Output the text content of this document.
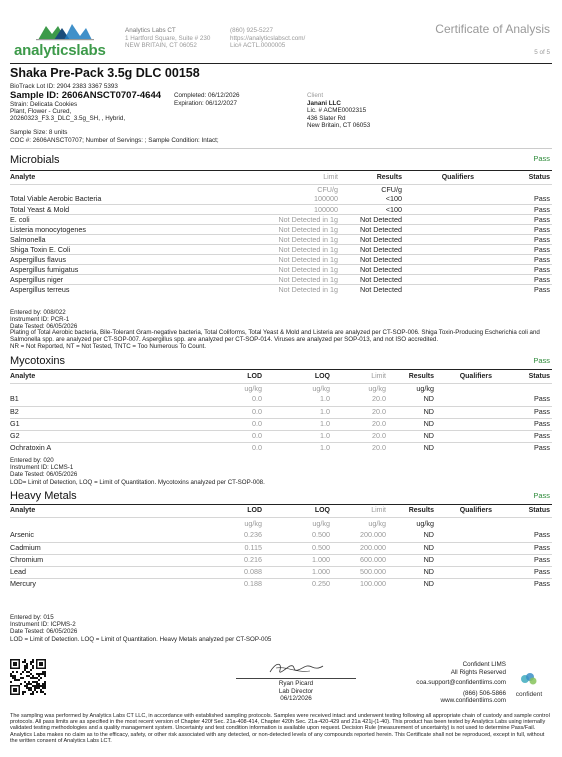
analyticslabs
Analytics Labs CT
1 Hartford Square, Suite # 230
NEW BRITAIN, CT 06052
(860) 925-5227
https://analyticslabsct.com/
Lic# ACTL.0000005
Certificate of Analysis
5 of 5
Shaka Pre-Pack 3.5g DLC 00158
BioTrack Lot ID: 2904 2383 3367 5393
Sample ID: 2606ANSCT0707-4644 Completed: 06/12/2026
Expiration: 06/12/2027
Strain: Delicata Cookies
Plant, Flower - Cured,
20260323_F3.3_DLC_3.5g_SH, , Hybrid,
Sample Size: 8 units
COC #: 2606ANSCT0707; Number of Servings: ; Sample Condition: Intact;
Client
Janani LLC
Lic. # ACME0002315
436 Slater Rd
New Britain, CT 06053
Microbials	Pass
Analyte	Limit	Results	Qualifiers	Status
CFU/g	CFU/g
Total Viable Aerobic Bacteria	100000	<100	Pass
Total Yeast & Mold	100000	<100	Pass
E. coli	Not Detected in 1g	Not Detected	Pass
Listeria monocytogenes	Not Detected in 1g	Not Detected	Pass
Salmonella	Not Detected in 1g	Not Detected	Pass
Shiga Toxin E. Coli	Not Detected in 1g	Not Detected	Pass
Aspergillus flavus	Not Detected in 1g	Not Detected	Pass
Aspergillus fumigatus	Not Detected in 1g	Not Detected	Pass
Aspergillus niger	Not Detected in 1g	Not Detected	Pass
Aspergillus terreus	Not Detected in 1g	Not Detected	Pass
Entered by: 008/022
Instrument ID: PCR-1
Date Tested: 06/05/2026
Plating of Total Aerobic bacteria, Bile-Tolerant Gram-negative bacteria, Total Coliforms, Total Yeast & Mold and Listeria are analyzed per CT-SOP-006. Shiga Toxin-Producing Escherichia coli and Salmonella spp. are analyzed per CT-SOP-007. Aspergillus spp. are analyzed per CT-SOP-014. Viruses are analyzed per SOP-013, and not ISO accredited.
NR = Not Reported, NT = Not Tested, TNTC = Too Numerous To Count.
Mycotoxins	Pass
Analyte	LOD	LOQ	Limit	Results	Qualifiers	Status
ug/kg	ug/kg	ug/kg	ug/kg
B1	0.0	1.0	20.0	ND	Pass
B2	0.0	1.0	20.0	ND	Pass
G1	0.0	1.0	20.0	ND	Pass
G2	0.0	1.0	20.0	ND	Pass
Ochratoxin A	0.0	1.0	20.0	ND	Pass
Entered by: 020
Instrument ID: LCMS-1
Date Tested: 06/05/2026
LOD= Limit of Detection, LOQ = Limit of Quantitation. Mycotoxins analyzed per CT-SOP-008.
Heavy Metals	Pass
Analyte	LOD	LOQ	Limit	Results	Qualifiers	Status
ug/kg	ug/kg	ug/kg	ug/kg
Arsenic	0.236	0.500	200.000	ND	Pass
Cadmium	0.115	0.500	200.000	ND	Pass
Chromium	0.216	1.000	600.000	ND	Pass
Lead	0.088	1.000	500.000	ND	Pass
Mercury	0.188	0.250	100.000	ND	Pass
Entered by: 015
Instrument ID: ICPMS-2
Date Tested: 06/05/2026
LOD = Limit of Detection. LOQ = Limit of Quantitation. Heavy Metals analyzed per CT-SOP-005
Ryan Picard
Lab Director
06/12/2026
Confident LIMS
All Rights Reserved
coa.support@confidentlims.com
(866) 506-5866
www.confidentlims.com
confident
The sampling was performed by Analytics Labs CT LLC, in accordance with established sampling protocols. Samples were received intact and underwent testing following all appropriate chain of custody and sample control protocols. All pass limits are as specified in the most recent version of Chapter 420f Sec. 21a-408-414, Chapter 420h Sec. 21a-420-429 and 21a 421j-(1-40). This product has been tested by Analytics Labs using internally validated testing methodologies and a quality management system. Uncertainty and test condition information is available upon request. Decision Rule (measurement of uncertainty) is not used to determine Pass/Fail. Analytics Labs makes no claim as to the efficacy, safety, or other risk associated with any detected, or non-detected levels of any compounds reported herein. This Certificate shall not be reproduced, except in full, without the written consent of Analytics Labs LCT.
